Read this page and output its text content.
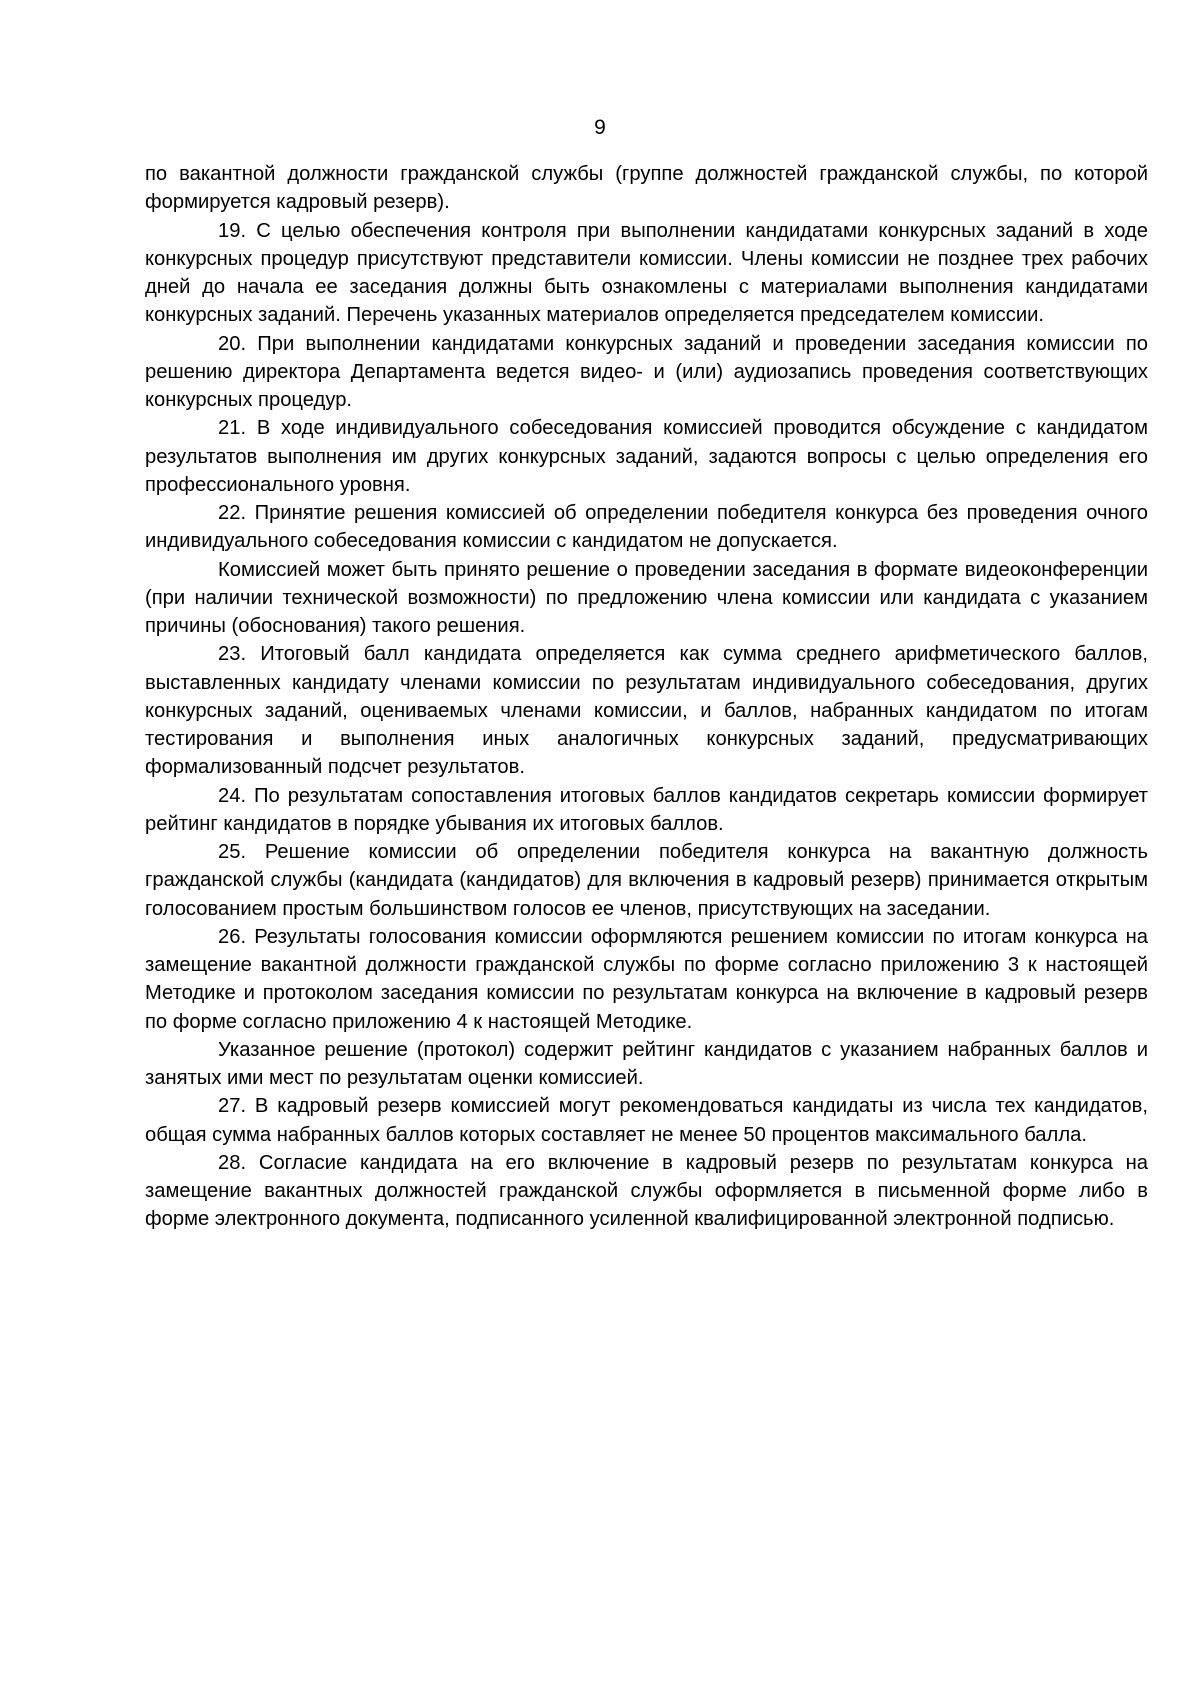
9

по вакантной должности гражданской службы (группе должностей гражданской службы, по которой формируется кадровый резерв).

19. С целью обеспечения контроля при выполнении кандидатами конкурсных заданий в ходе конкурсных процедур присутствуют представители комиссии. Члены комиссии не позднее трех рабочих дней до начала ее заседания должны быть ознакомлены с материалами выполнения кандидатами конкурсных заданий. Перечень указанных материалов определяется председателем комиссии.

20. При выполнении кандидатами конкурсных заданий и проведении заседания комиссии по решению директора Департамента ведется видео- и (или) аудиозапись проведения соответствующих конкурсных процедур.

21. В ходе индивидуального собеседования комиссией проводится обсуждение с кандидатом результатов выполнения им других конкурсных заданий, задаются вопросы с целью определения его профессионального уровня.

22. Принятие решения комиссией об определении победителя конкурса без проведения очного индивидуального собеседования комиссии с кандидатом не допускается.

Комиссией может быть принято решение о проведении заседания в формате видеоконференции (при наличии технической возможности) по предложению члена комиссии или кандидата с указанием причины (обоснования) такого решения.

23. Итоговый балл кандидата определяется как сумма среднего арифметического баллов, выставленных кандидату членами комиссии по результатам индивидуального собеседования, других конкурсных заданий, оцениваемых членами комиссии, и баллов, набранных кандидатом по итогам тестирования и выполнения иных аналогичных конкурсных заданий, предусматривающих формализованный подсчет результатов.

24. По результатам сопоставления итоговых баллов кандидатов секретарь комиссии формирует рейтинг кандидатов в порядке убывания их итоговых баллов.

25. Решение комиссии об определении победителя конкурса на вакантную должность гражданской службы (кандидата (кандидатов) для включения в кадровый резерв) принимается открытым голосованием простым большинством голосов ее членов, присутствующих на заседании.

26. Результаты голосования комиссии оформляются решением комиссии по итогам конкурса на замещение вакантной должности гражданской службы по форме согласно приложению 3 к настоящей Методике и протоколом заседания комиссии по результатам конкурса на включение в кадровый резерв по форме согласно приложению 4 к настоящей Методике.

Указанное решение (протокол) содержит рейтинг кандидатов с указанием набранных баллов и занятых ими мест по результатам оценки комиссией.

27. В кадровый резерв комиссией могут рекомендоваться кандидаты из числа тех кандидатов, общая сумма набранных баллов которых составляет не менее 50 процентов максимального балла.

28. Согласие кандидата на его включение в кадровый резерв по результатам конкурса на замещение вакантных должностей гражданской службы оформляется в письменной форме либо в форме электронного документа, подписанного усиленной квалифицированной электронной подписью.
